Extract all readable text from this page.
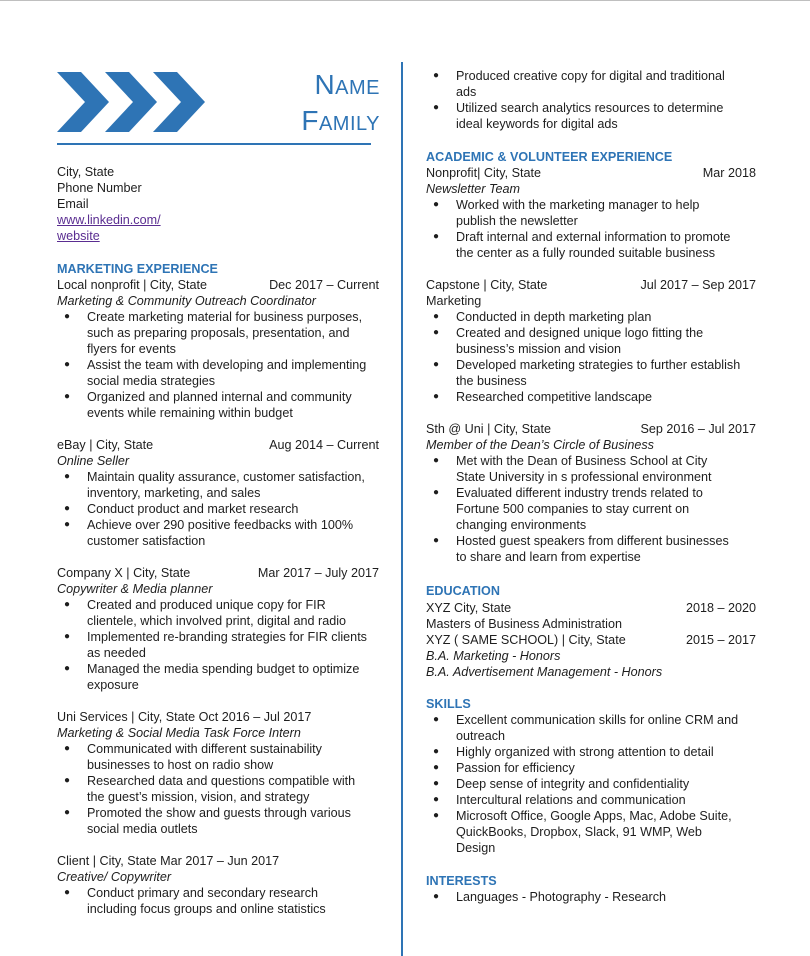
Name
Family
City, State
Phone Number
Email
www.linkedin.com/
website
MARKETING EXPERIENCE
Local nonprofit | City, State	Dec 2017 – Current
Marketing & Community Outreach Coordinator
● Create marketing material for business purposes,
such as preparing proposals, presentation, and
flyers for events
● Assist the team with developing and implementing
social media strategies
● Organized and planned internal and community
events while remaining within budget
eBay | City, State	Aug 2014 – Current
Online Seller
● Maintain quality assurance, customer satisfaction,
inventory, marketing, and sales
● Conduct product and market research
● Achieve over 290 positive feedbacks with 100%
customer satisfaction
Company X | City, State	Mar 2017 – July 2017
Copywriter & Media planner
● Created and produced unique copy for FIR
clientele, which involved print, digital and radio
● Implemented re-branding strategies for FIR clients
as needed
● Managed the media spending budget to optimize
exposure
Uni Services | City, State Oct 2016 – Jul 2017
Marketing & Social Media Task Force Intern
● Communicated with different sustainability
businesses to host on radio show
● Researched data and questions compatible with
the guest’s mission, vision, and strategy
● Promoted the show and guests through various
social media outlets
Client | City, State Mar 2017 – Jun 2017
Creative/ Copywriter
● Conduct primary and secondary research
including focus groups and online statistics
● Produced creative copy for digital and traditional
ads
● Utilized search analytics resources to determine
ideal keywords for digital ads
ACADEMIC & VOLUNTEER EXPERIENCE
Nonprofit| City, State	Mar 2018
Newsletter Team
● Worked with the marketing manager to help
publish the newsletter
● Draft internal and external information to promote
the center as a fully rounded suitable business
Capstone | City, State	Jul 2017 – Sep 2017
Marketing
● Conducted in depth marketing plan
● Created and designed unique logo fitting the
business’s mission and vision
● Developed marketing strategies to further establish
the business
● Researched competitive landscape
Sth @ Uni | City, State	Sep 2016 – Jul 2017
Member of the Dean’s Circle of Business
● Met with the Dean of Business School at City
State University in s professional environment
● Evaluated different industry trends related to
Fortune 500 companies to stay current on
changing environments
● Hosted guest speakers from different businesses
to share and learn from expertise
EDUCATION
XYZ City, State	2018 – 2020
Masters of Business Administration
XYZ ( SAME SCHOOL) | City, State	2015 – 2017
B.A. Marketing - Honors
B.A. Advertisement Management - Honors
SKILLS
● Excellent communication skills for online CRM and
outreach
● Highly organized with strong attention to detail
● Passion for efficiency
● Deep sense of integrity and confidentiality
● Intercultural relations and communication
● Microsoft Office, Google Apps, Mac, Adobe Suite,
QuickBooks, Dropbox, Slack, 91 WMP, Web
Design
INTERESTS
● Languages - Photography - Research
